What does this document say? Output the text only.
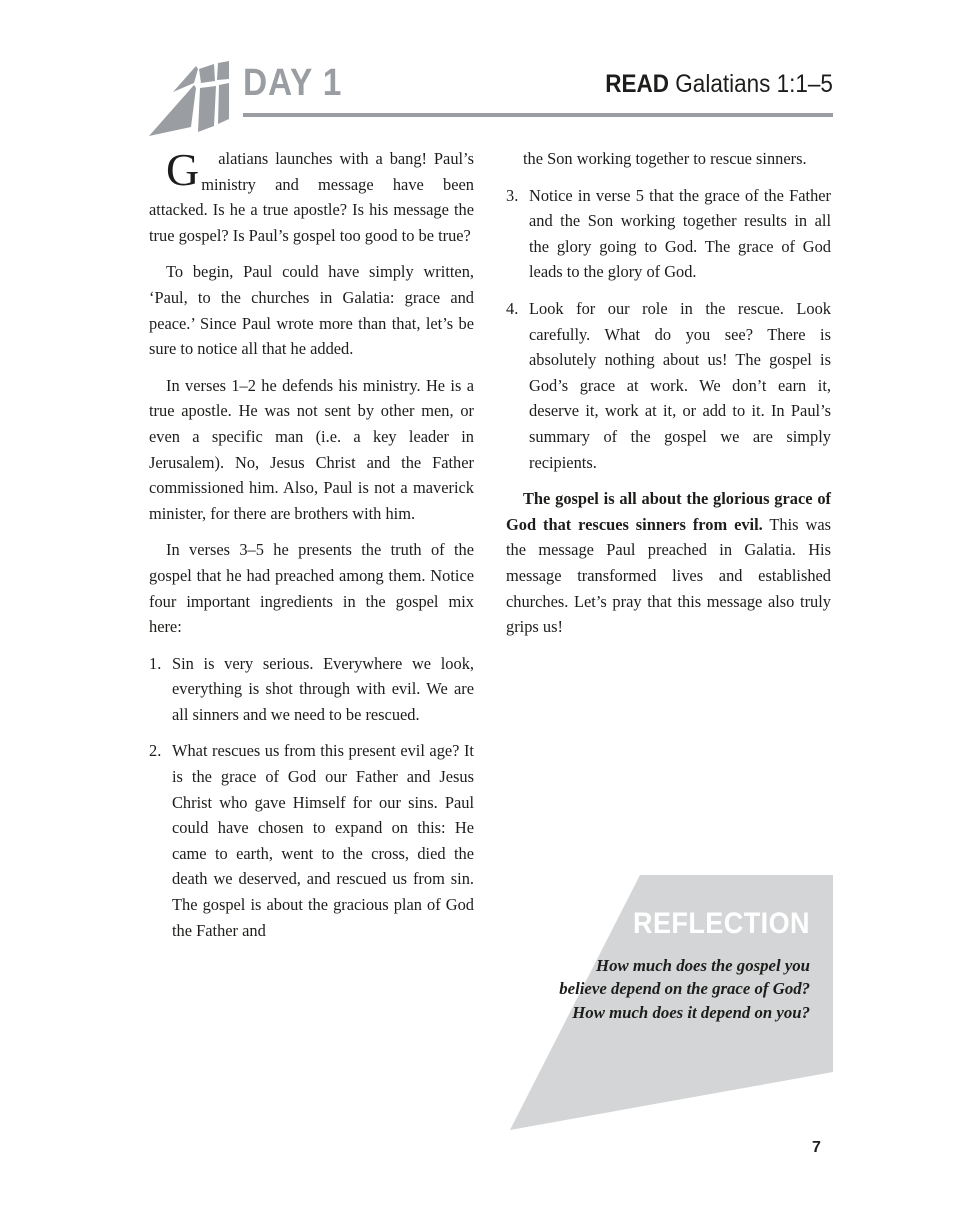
DAY 1	READ Galatians 1:1–5

G alatians launches with a bang! Paul’s ministry and message have been attacked. Is he a true apostle? Is his message the true gospel? Is Paul’s gospel too good to be true?

To begin, Paul could have simply written, ‘Paul, to the churches in Galatia: grace and peace.’ Since Paul wrote more than that, let’s be sure to notice all that he added.

In verses 1–2 he defends his ministry. He is a true apostle. He was not sent by other men, or even a specific man (i.e. a key leader in Jerusalem). No, Jesus Christ and the Father commissioned him. Also, Paul is not a maverick minister, for there are brothers with him.

In verses 3–5 he presents the truth of the gospel that he had preached among them. Notice four important ingredients in the gospel mix here:

1. Sin is very serious. Everywhere we look, everything is shot through with evil. We are all sinners and we need to be rescued.
2. What rescues us from this present evil age? It is the grace of God our Father and Jesus Christ who gave Himself for our sins. Paul could have chosen to expand on this: He came to earth, went to the cross, died the death we deserved, and rescued us from sin. The gospel is about the gracious plan of God the Father and

the Son working together to rescue sinners.

3. Notice in verse 5 that the grace of the Father and the Son working together results in all the glory going to God. The grace of God leads to the glory of God.
4. Look for our role in the rescue. Look carefully. What do you see? There is absolutely nothing about us! The gospel is God’s grace at work. We don’t earn it, deserve it, work at it, or add to it. In Paul’s summary of the gospel we are simply recipients.

The gospel is all about the glorious grace of God that rescues sinners from evil. This was the message Paul preached in Galatia. His message transformed lives and established churches. Let’s pray that this message also truly grips us!

REFLECTION
How much does the gospel you believe depend on the grace of God? How much does it depend on you?
7
